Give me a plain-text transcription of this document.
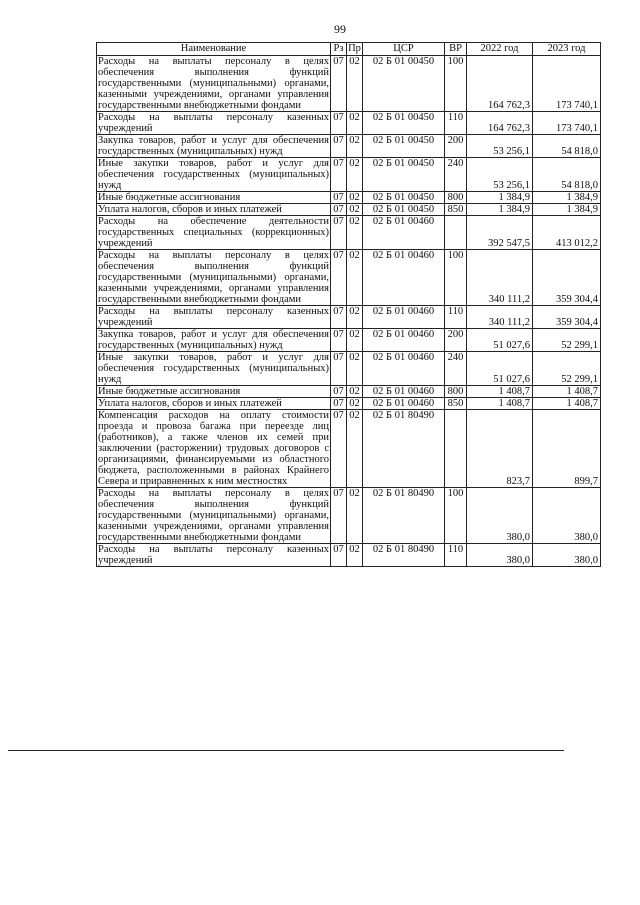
99
Наименование	Рз	Пр	ЦСР	ВР	2022 год	2023 год
Расходы на выплаты персоналу в целях обеспечения выполнения функций государственными (муниципальными) органами, казенными учреждениями, органами управления государственными внебюджетными фондами	07	02	02 Б 01 00450	100	164 762,3	173 740,1
Расходы на выплаты персоналу казенных учреждений	07	02	02 Б 01 00450	110	164 762,3	173 740,1
Закупка товаров, работ и услуг для обеспечения государственных (муниципальных) нужд	07	02	02 Б 01 00450	200	53 256,1	54 818,0
Иные закупки товаров, работ и услуг для обеспечения государственных (муниципальных) нужд	07	02	02 Б 01 00450	240	53 256,1	54 818,0
Иные бюджетные ассигнования	07	02	02 Б 01 00450	800	1 384,9	1 384,9
Уплата налогов, сборов и иных платежей	07	02	02 Б 01 00450	850	1 384,9	1 384,9
Расходы на обеспечение деятельности государственных специальных (коррекционных) учреждений	07	02	02 Б 01 00460		392 547,5	413 012,2
Расходы на выплаты персоналу в целях обеспечения выполнения функций государственными (муниципальными) органами, казенными учреждениями, органами управления государственными внебюджетными фондами	07	02	02 Б 01 00460	100	340 111,2	359 304,4
Расходы на выплаты персоналу казенных учреждений	07	02	02 Б 01 00460	110	340 111,2	359 304,4
Закупка товаров, работ и услуг для обеспечения государственных (муниципальных) нужд	07	02	02 Б 01 00460	200	51 027,6	52 299,1
Иные закупки товаров, работ и услуг для обеспечения государственных (муниципальных) нужд	07	02	02 Б 01 00460	240	51 027,6	52 299,1
Иные бюджетные ассигнования	07	02	02 Б 01 00460	800	1 408,7	1 408,7
Уплата налогов, сборов и иных платежей	07	02	02 Б 01 00460	850	1 408,7	1 408,7
Компенсация расходов на оплату стоимости проезда и провоза багажа при переезде лиц (работников), а также членов их семей при заключении (расторжении) трудовых договоров с организациями, финансируемыми из областного бюджета, расположенными в районах Крайнего Севера и приравненных к ним местностях	07	02	02 Б 01 80490		823,7	899,7
Расходы на выплаты персоналу в целях обеспечения выполнения функций государственными (муниципальными) органами, казенными учреждениями, органами управления государственными внебюджетными фондами	07	02	02 Б 01 80490	100	380,0	380,0
Расходы на выплаты персоналу казенных учреждений	07	02	02 Б 01 80490	110	380,0	380,0
